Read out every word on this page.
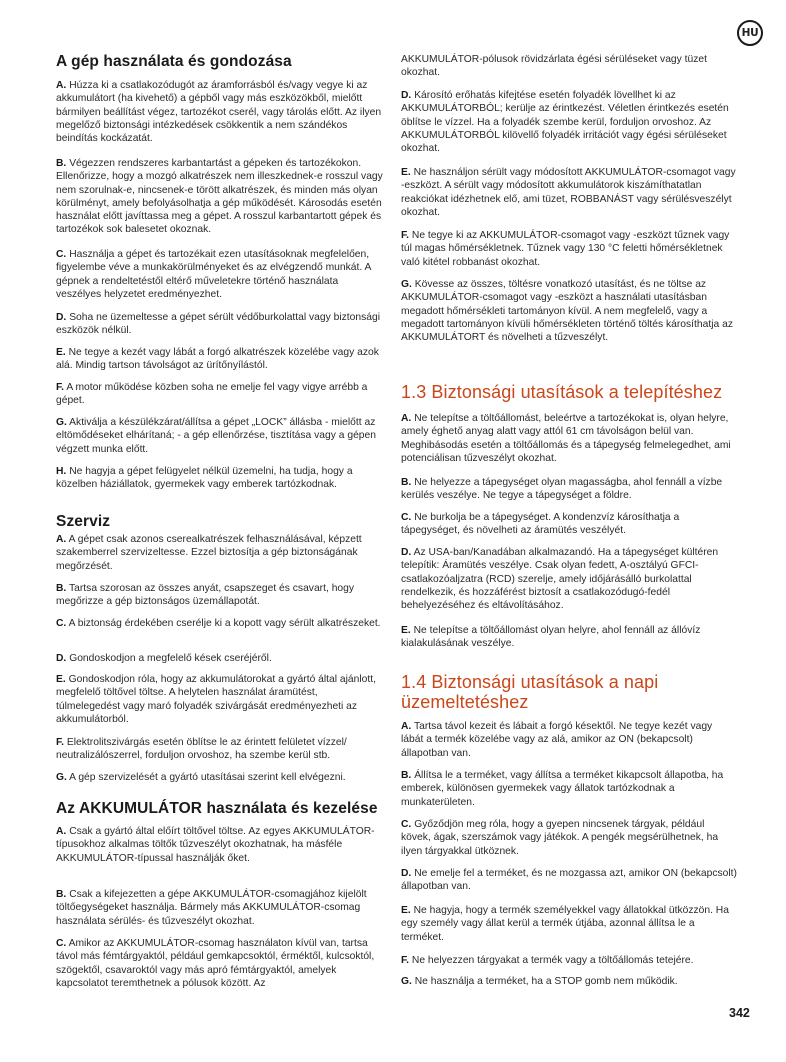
HU
A gép használata és gondozása
A. Húzza ki a csatlakozódugót az áramforrásból és/vagy vegye ki az akkumulátort (ha kivehető) a gépből vagy más eszközökből, mielőtt bármilyen beállítást végez, tartozékot cserél, vagy tárolás előtt. Az ilyen megelőző biztonsági intézkedések csökkentik a nem szándékos beindítás kockázatát.
B. Végezzen rendszeres karbantartást a gépeken és tartozékokon. Ellenőrizze, hogy a mozgó alkatrészek nem illeszkednek-e rosszul vagy nem szorulnak-e, nincsenek-e törött alkatrészek, és minden más olyan körülményt, amely befolyásolhatja a gép működését. Károsodás esetén használat előtt javíttassa meg a gépet. A rosszul karbantartott gépek és tartozékok sok balesetet okoznak.
C. Használja a gépet és tartozékait ezen utasításoknak megfelelően, figyelembe véve a munkakörülményeket és az elvégzendő munkát. A gépnek a rendeltetéstől eltérő műveletekre történő használata veszélyes helyzetet eredményezhet.
D. Soha ne üzemeltesse a gépet sérült védőburkolattal vagy biztonsági eszközök nélkül.
E. Ne tegye a kezét vagy lábát a forgó alkatrészek közelébe vagy azok alá. Mindig tartson távolságot az ürítőnyílástól.
F. A motor működése közben soha ne emelje fel vagy vigye arrébb a gépet.
G. Aktiválja a készülékzárat/állítsa a gépet „LOCK” állásba - mielőtt az eltömődéseket elhárítaná; - a gép ellenőrzése, tisztítása vagy a gépen végzett munka előtt.
H. Ne hagyja a gépet felügyelet nélkül üzemelni, ha tudja, hogy a közelben háziállatok, gyermekek vagy emberek tartózkodnak.
Szerviz
A. A gépet csak azonos cserealkatrészek felhasználásával, képzett szakemberrel szervizeltesse. Ezzel biztosítja a gép biztonságának megőrzését.
B. Tartsa szorosan az összes anyát, csapszeget és csavart, hogy megőrizze a gép biztonságos üzemállapotát.
C. A biztonság érdekében cserélje ki a kopott vagy sérült alkatrészeket.
D. Gondoskodjon a megfelelő kések cseréjéről.
E. Gondoskodjon róla, hogy az akkumulátorokat a gyártó által ajánlott, megfelelő töltővel töltse. A helytelen használat áramütést, túlmelegedést vagy maró folyadék szivárgását eredményezheti az akkumulátorból.
F. Elektrolitszivárgás esetén öblítse le az érintett felületet vízzel/ neutralizálószerrel, forduljon orvoshoz, ha szembe kerül stb.
G. A gép szervizelését a gyártó utasításai szerint kell elvégezni.
Az AKKUMULÁTOR használata és kezelése
A. Csak a gyártó által előírt töltővel töltse. Az egyes AKKUMULÁTOR-típusokhoz alkalmas töltők tűzveszélyt okozhatnak, ha másféle AKKUMULÁTOR-típussal használják őket.
B. Csak a kifejezetten a gépe AKKUMULÁTOR-csomagjához kijelölt töltőegységeket használja. Bármely más AKKUMULÁTOR-csomag használata sérülés- és tűzveszélyt okozhat.
C. Amikor az AKKUMULÁTOR-csomag használaton kívül van, tartsa távol más fémtárgyaktól, például gemkapcsoktól, érméktől, kulcsoktól, szögektől, csavaroktól vagy más apró fémtárgyaktól, amelyek kapcsolatot teremthetnek a pólusok között. Az
AKKUMULÁTOR-pólusok rövidzárlata égési sérüléseket vagy tüzet okozhat.
D. Károsító erőhatás kifejtése esetén folyadék lövellhet ki az AKKUMULÁTORBÓL; kerülje az érintkezést. Véletlen érintkezés esetén öblítse le vízzel. Ha a folyadék szembe kerül, forduljon orvoshoz. Az AKKUMULÁTORBÓL kilövellő folyadék irritációt vagy égési sérüléseket okozhat.
E. Ne használjon sérült vagy módosított AKKUMULÁTOR-csomagot vagy -eszközt. A sérült vagy módosított akkumulátorok kiszámíthatatlan reakciókat idézhetnek elő, ami tüzet, ROBBANÁST vagy sérülésveszélyt okozhat.
F. Ne tegye ki az AKKUMULÁTOR-csomagot vagy -eszközt tűznek vagy túl magas hőmérsékletnek. Tűznek vagy 130 °C feletti hőmérsékletnek való kitétel robbanást okozhat.
G. Kövesse az összes, töltésre vonatkozó utasítást, és ne töltse az AKKUMULÁTOR-csomagot vagy -eszközt a használati utasításban megadott hőmérsékleti tartományon kívül. A nem megfelelő, vagy a megadott tartományon kívüli hőmérsékleten történő töltés károsíthatja az AKKUMULÁTORT és növelheti a tűzveszélyt.
1.3 Biztonsági utasítások a telepítéshez
A. Ne telepítse a töltőállomást, beleértve a tartozékokat is, olyan helyre, amely éghető anyag alatt vagy attól 61 cm távolságon belül van. Meghibásodás esetén a töltőállomás és a tápegység felmelegedhet, ami potenciálisan tűzveszélyt okozhat.
B. Ne helyezze a tápegységet olyan magasságba, ahol fennáll a vízbe kerülés veszélye. Ne tegye a tápegységet a földre.
C. Ne burkolja be a tápegységet. A kondenzvíz károsíthatja a tápegységet, és növelheti az áramütés veszélyét.
D. Az USA-ban/Kanadában alkalmazandó. Ha a tápegységet kültéren telepítik: Áramütés veszélye. Csak olyan fedett, A-osztályú GFCI-csatlakozóaljzatra (RCD) szerelje, amely időjárásálló burkolattal rendelkezik, és hozzáférést biztosít a csatlakozódugó-fedél behelyezéséhez és eltávolításához.
E. Ne telepítse a töltőállomást olyan helyre, ahol fennáll az állóvíz kialakulásának veszélye.
1.4 Biztonsági utasítások a napi
üzemeltetéshez
A. Tartsa távol kezeit és lábait a forgó késektől. Ne tegye kezét vagy lábát a termék közelébe vagy az alá, amikor az ON (bekapcsolt) állapotban van.
B. Állítsa le a terméket, vagy állítsa a terméket kikapcsolt állapotba, ha emberek, különösen gyermekek vagy állatok tartózkodnak a munkaterületen.
C. Győződjön meg róla, hogy a gyepen nincsenek tárgyak, például kövek, ágak, szerszámok vagy játékok. A pengék megsérülhetnek, ha ilyen tárgyakkal ütköznek.
D. Ne emelje fel a terméket, és ne mozgassa azt, amikor ON (bekapcsolt) állapotban van.
E. Ne hagyja, hogy a termék személyekkel vagy állatokkal ütközzön. Ha egy személy vagy állat kerül a termék útjába, azonnal állítsa le a terméket.
F. Ne helyezzen tárgyakat a termék vagy a töltőállomás tetejére.
G. Ne használja a terméket, ha a STOP gomb nem működik.
342
